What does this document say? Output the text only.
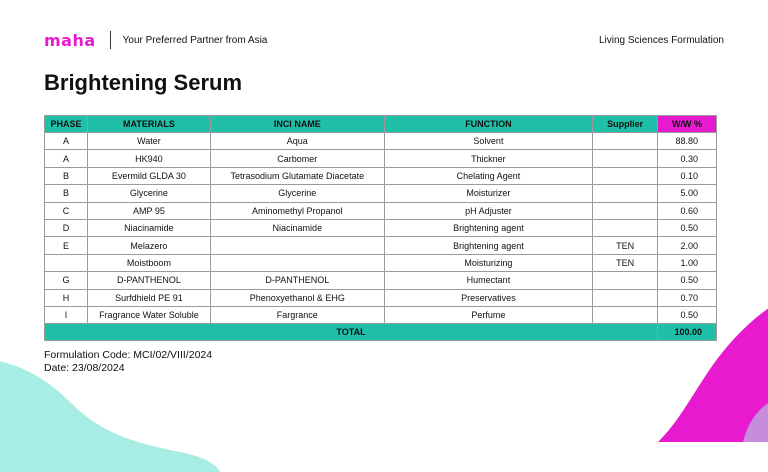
maha	Your Preferred Partner from Asia	Living Sciences Formulation
Brightening Serum
PHASE	MATERIALS	INCI NAME	FUNCTION	Supplier	W/W %
A	Water	Aqua	Solvent		88.80
A	HK940	Carbomer	Thickner		0.30
B	Evermild GLDA 30	Tetrasodium Glutamate Diacetate	Chelating Agent		0.10
B	Glycerine	Glycerine	Moisturizer		5.00
C	AMP 95	Aminomethyl Propanol	pH Adjuster		0.60
D	Niacinamide	Niacinamide	Brightening agent		0.50
E	Melazero		Brightening agent	TEN	2.00
	Moistboom		Moisturizing	TEN	1.00
G	D-PANTHENOL	D-PANTHENOL	Humectant		0.50
H	Surfdhield PE 91	Phenoxyethanol & EHG	Preservatives		0.70
I	Fragrance Water Soluble	Fargrance	Perfume		0.50
TOTAL					100.00
Formulation Code: MCI/02/VIII/2024
Date: 23/08/2024
